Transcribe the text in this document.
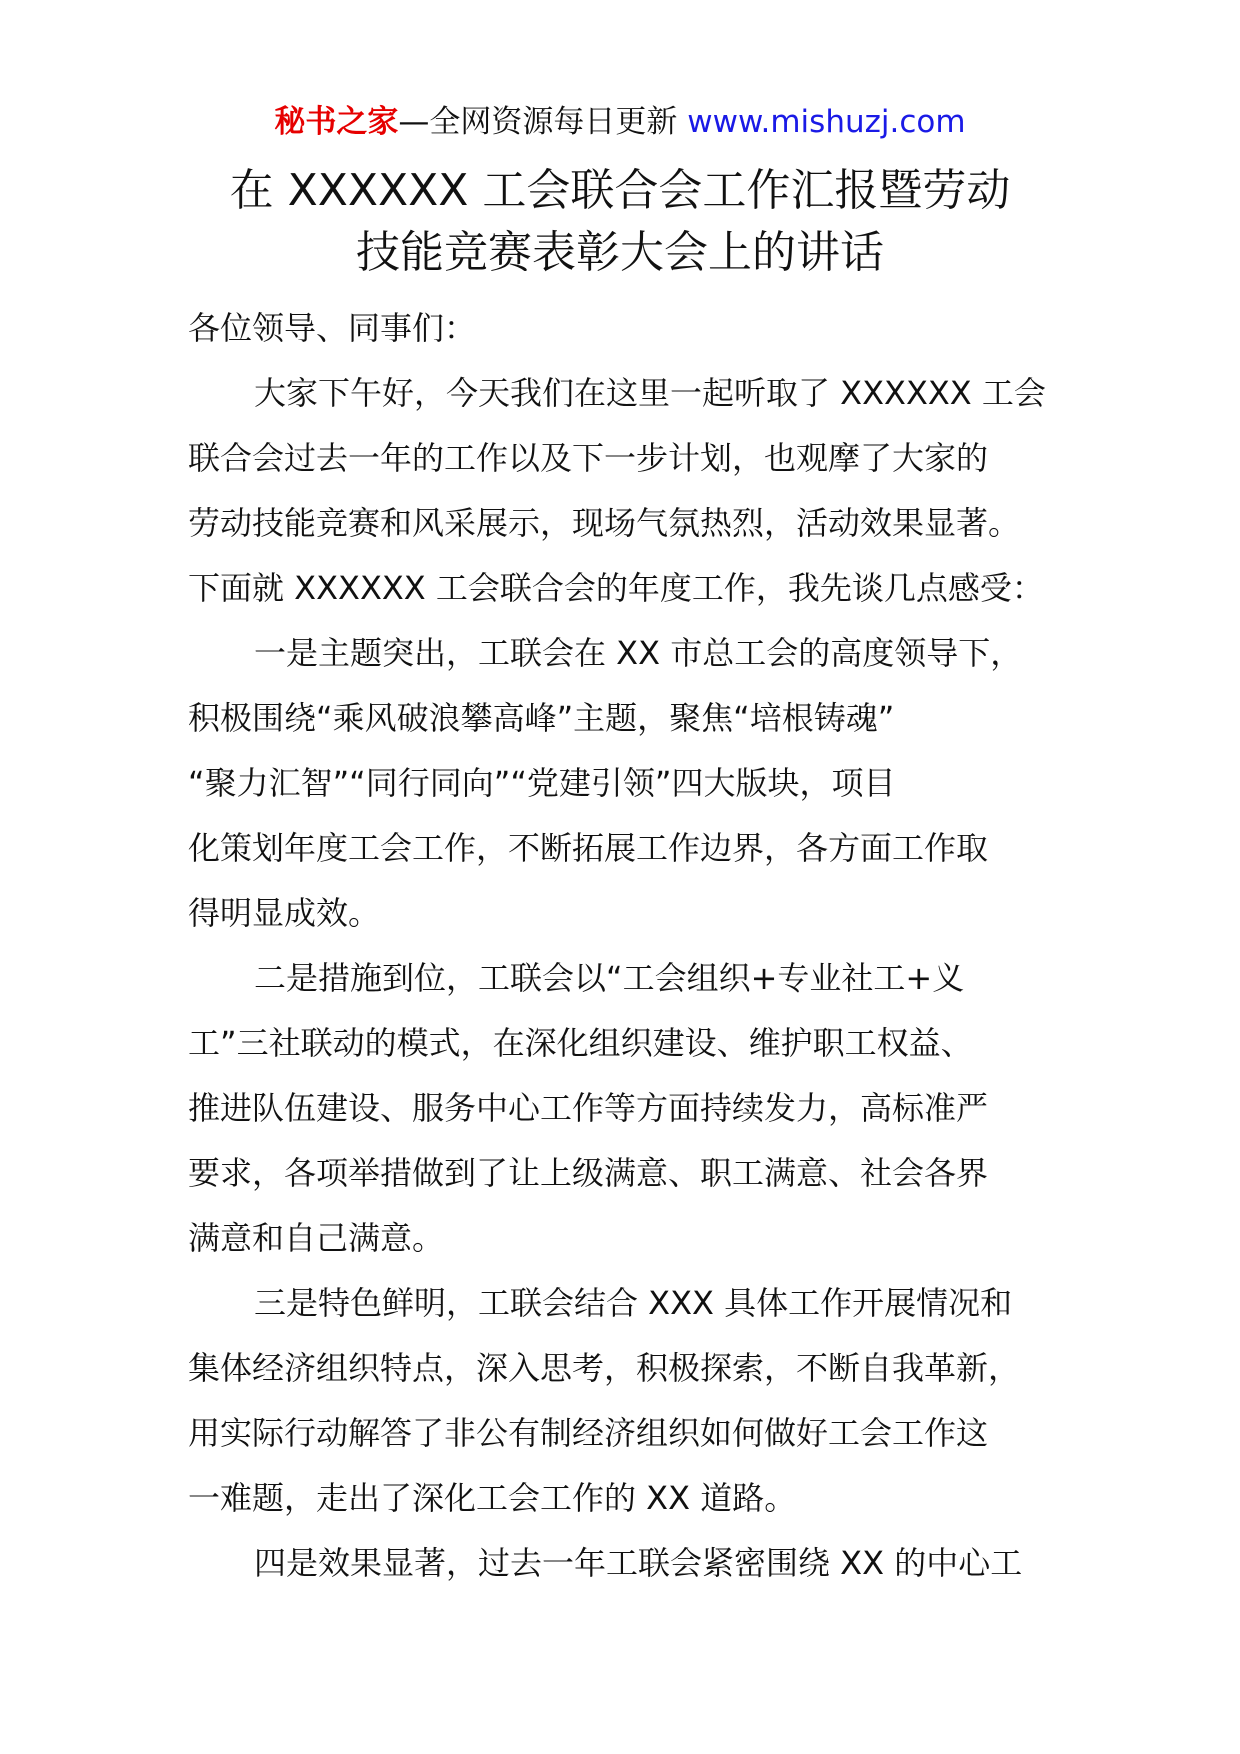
秘书之家—全网资源每日更新 www.mishuzj.com
在 XXXXXX 工会联合会工作汇报暨劳动
技能竞赛表彰大会上的讲话
各位领导、同事们：
大家下午好，今天我们在这里一起听取了 XXXXXX 工会
联合会过去一年的工作以及下一步计划，也观摩了大家的
劳动技能竞赛和风采展示，现场气氛热烈，活动效果显著。
下面就 XXXXXX 工会联合会的年度工作，我先谈几点感受：
一是主题突出，工联会在 XX 市总工会的高度领导下，
积极围绕“乘风破浪攀高峰”主题，聚焦“培根铸魂”
“聚力汇智”“同行同向”“党建引领”四大版块，项目
化策划年度工会工作，不断拓展工作边界，各方面工作取
得明显成效。
二是措施到位，工联会以“工会组织+专业社工+义
工”三社联动的模式，在深化组织建设、维护职工权益、
推进队伍建设、服务中心工作等方面持续发力，高标准严
要求，各项举措做到了让上级满意、职工满意、社会各界
满意和自己满意。
三是特色鲜明，工联会结合 XXX 具体工作开展情况和
集体经济组织特点，深入思考，积极探索，不断自我革新，
用实际行动解答了非公有制经济组织如何做好工会工作这
一难题，走出了深化工会工作的 XX 道路。
四是效果显著，过去一年工联会紧密围绕 XX 的中心工
